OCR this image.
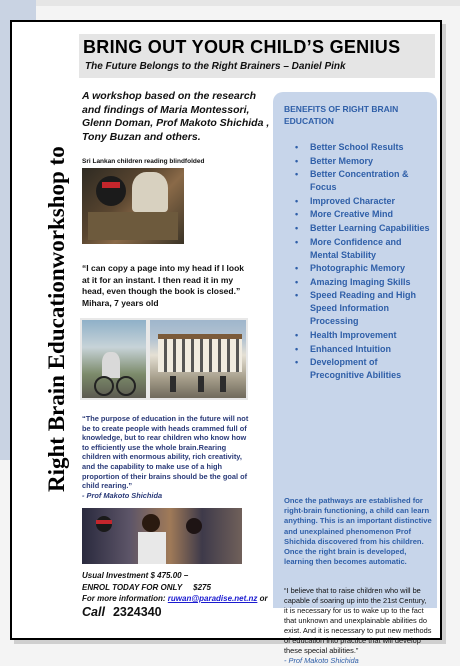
Right Brain Educationworkshop to
BRING OUT YOUR CHILD’S GENIUS
The Future Belongs to the Right Brainers – Daniel Pink
A workshop based on the research and findings of Maria Montessori, Glenn Doman, Prof Makoto Shichida , Tony Buzan and others.
Sri Lankan children reading blindfolded
“I can copy a page into my head if I look at it for an instant. I then read it in my head, even though the book is closed.” Mihara, 7 years old
“The purpose of education in the future will not be to create people with heads crammed full of knowledge, but to rear children who know how to efficiently use the whole brain.Rearing children with enormous ability, rich creativity, and the capability to make use of a high proportion of their brains should be the goal of child rearing.”
- Prof Makoto Shichida
Usual Investment $ 475.00 –
ENROL TODAY FOR ONLY     $275
For more information: ruwan@paradise.net.nz or
Call 2324340
BENEFITS OF RIGHT BRAIN EDUCATION
• Better School Results
• Better Memory
• Better Concentration & Focus
• Improved Character
• More Creative Mind
• Better Learning Capabilities
• More Confidence and Mental Stability
• Photographic Memory
• Amazing Imaging Skills
• Speed Reading and High Speed Information Processing
• Health Improvement
• Enhanced Intuition
• Development of Precognitive Abilities
Once the pathways are established for right-brain functioning, a child can learn anything. This is an important distinctive and unexplained phenomenon Prof Shichida discovered from his children. Once the right brain is developed, learning then becomes automatic.
“I believe that to raise children who will be capable of soaring up into the 21st Century, it is necessary for us to wake up to the fact that unknown and unexplainable abilities do exist. And it is necessary to put new methods of education into practice that will develop these special abilities.”
- Prof Makoto Shichida
